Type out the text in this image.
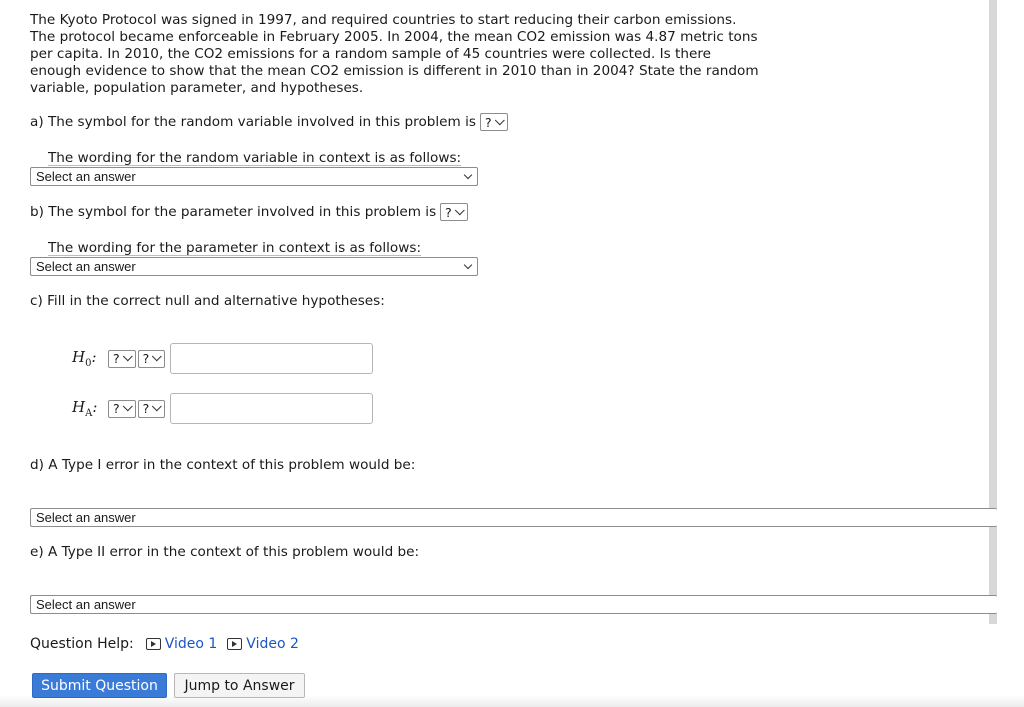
The Kyoto Protocol was signed in 1997, and required countries to start reducing their carbon emissions. The protocol became enforceable in February 2005. In 2004, the mean CO2 emission was 4.87 metric tons per capita. In 2010, the CO2 emissions for a random sample of 45 countries were collected. Is there enough evidence to show that the mean CO2 emission is different in 2010 than in 2004? State the random variable, population parameter, and hypotheses.

a) The symbol for the random variable involved in this problem is ?
The wording for the random variable in context is as follows:
Select an answer
b) The symbol for the parameter involved in this problem is ?
The wording for the parameter in context is as follows:
Select an answer
c) Fill in the correct null and alternative hypotheses:
$H_0$:	? ?
$H_A$:	? ?
d) A Type I error in the context of this problem would be:
Select an answer
e) A Type II error in the context of this problem would be:
Select an answer
Question Help: Video 1 Video 2
Submit Question	Jump to Answer
